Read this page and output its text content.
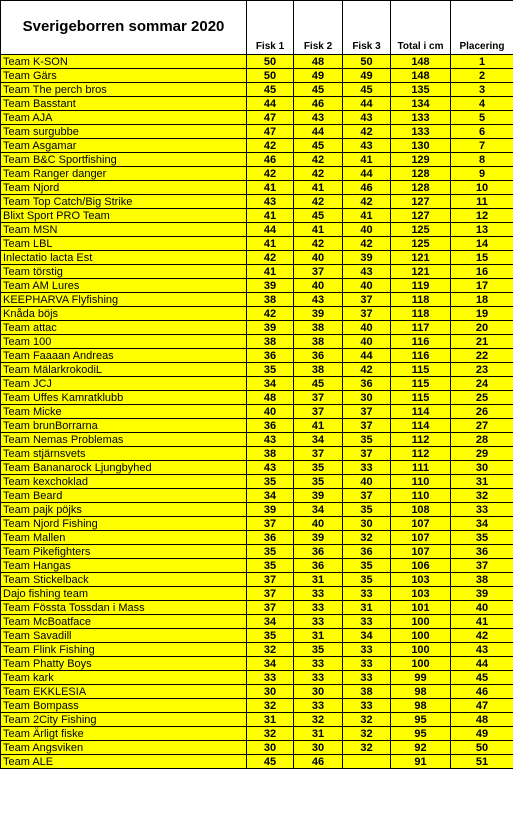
Sverigeborren sommar 2020	Fisk 1	Fisk 2	Fisk 3	Total i cm	Placering
Team K-SON	50	48	50	148	1
Team Gärs	50	49	49	148	2
Team The perch bros	45	45	45	135	3
Team Basstant	44	46	44	134	4
Team AJA	47	43	43	133	5
Team surgubbe	47	44	42	133	6
Team Asgamar	42	45	43	130	7
Team B&C Sportfishing	46	42	41	129	8
Team Ranger danger	42	42	44	128	9
Team Njord	41	41	46	128	10
Team Top Catch/Big Strike	43	42	42	127	11
Blixt Sport PRO Team	41	45	41	127	12
Team MSN	44	41	40	125	13
Team LBL	41	42	42	125	14
Inlectatio lacta Est	42	40	39	121	15
Team törstig	41	37	43	121	16
Team AM Lures	39	40	40	119	17
KEEPHARVA Flyfishing	38	43	37	118	18
Knåda böjs	42	39	37	118	19
Team attac	39	38	40	117	20
Team 100	38	38	40	116	21
Team Faaaan Andreas	36	36	44	116	22
Team MälarkrokodiL	35	38	42	115	23
Team JCJ	34	45	36	115	24
Team Uffes Kamratklubb	48	37	30	115	25
Team Micke	40	37	37	114	26
Team brunBorrarna	36	41	37	114	27
Team Nemas Problemas	43	34	35	112	28
Team stjärnsvets	38	37	37	112	29
Team Bananarock Ljungbyhed	43	35	33	111	30
Team kexchoklad	35	35	40	110	31
Team Beard	34	39	37	110	32
Team pajk pöjks	39	34	35	108	33
Team Njord Fishing	37	40	30	107	34
Team Mallen	36	39	32	107	35
Team Pikefighters	35	36	36	107	36
Team Hangas	35	36	35	106	37
Team Stickelback	37	31	35	103	38
Dajo fishing team	37	33	33	103	39
Team Fössta Tossdan i Mass	37	33	31	101	40
Team McBoatface	34	33	33	100	41
Team Savadill	35	31	34	100	42
Team Flink Fishing	32	35	33	100	43
Team Phatty Boys	34	33	33	100	44
Team kark	33	33	33	99	45
Team EKKLESIA	30	30	38	98	46
Team Bompass	32	33	33	98	47
Team 2City Fishing	31	32	32	95	48
Team Ärligt fiske	32	31	32	95	49
Team Angsviken	30	30	32	92	50
Team ALE	45	46		91	51
